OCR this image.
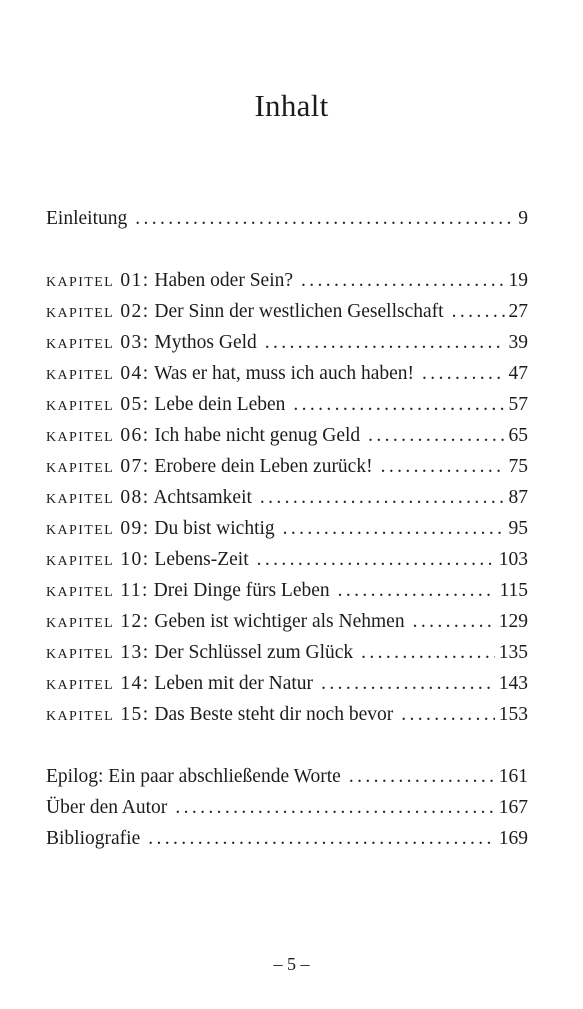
Inhalt
Einleitung . . .	9
kapitel 01: Haben oder Sein? . . .	19
kapitel 02: Der Sinn der westlichen Gesellschaft . . .	27
kapitel 03: Mythos Geld . . .	39
kapitel 04: Was er hat, muss ich auch haben! . . .	47
kapitel 05: Lebe dein Leben . . .	57
kapitel 06: Ich habe nicht genug Geld . . .	65
kapitel 07: Erobere dein Leben zurück! . . .	75
kapitel 08: Achtsamkeit . . .	87
kapitel 09: Du bist wichtig . . .	95
kapitel 10: Lebens-Zeit . . .	103
kapitel 11: Drei Dinge fürs Leben . . .	115
kapitel 12: Geben ist wichtiger als Nehmen . . .	129
kapitel 13: Der Schlüssel zum Glück . . .	135
kapitel 14: Leben mit der Natur . . .	143
kapitel 15: Das Beste steht dir noch bevor . . .	153
Epilog: Ein paar abschließende Worte . . .	161
Über den Autor . . .	167
Bibliografie . . .	169
– 5 –
